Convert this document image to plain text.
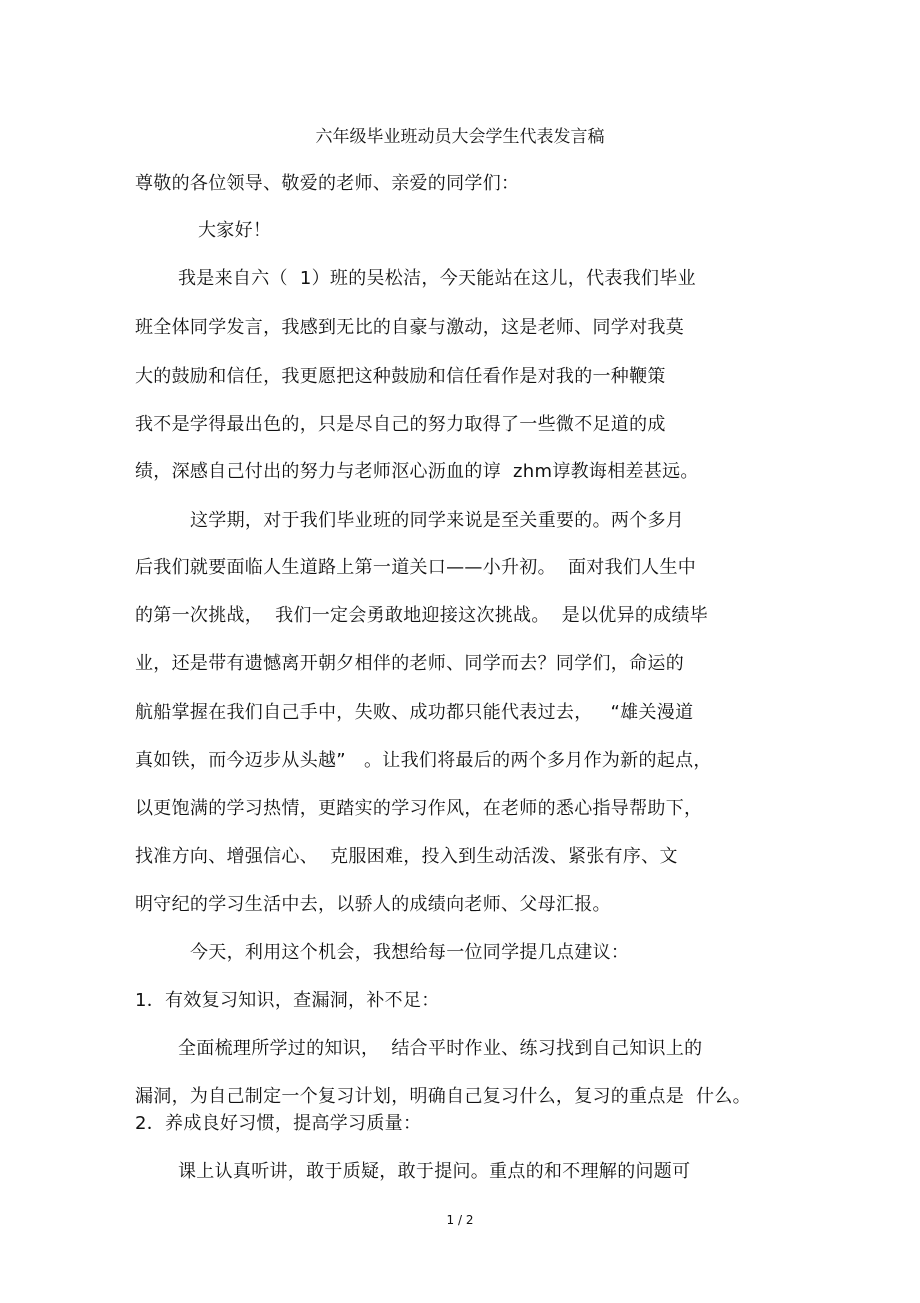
六年级毕业班动员大会学生代表发言稿
尊敬的各位领导、敬爱的老师、亲爱的同学们：
大家好！
我是来自六（  1）班的吴松洁，今天能站在这儿，代表我们毕业
班全体同学发言，我感到无比的自豪与激动，这是老师、同学对我莫
大的鼓励和信任，我更愿把这种鼓励和信任看作是对我的一种鞭策
我不是学得最出色的，只是尽自己的努力取得了一些微不足道的成
绩，深感自己付出的努力与老师沤心沥血的谆  zhm谆教诲相差甚远。
这学期，对于我们毕业班的同学来说是至关重要的。两个多月
后我们就要面临人生道路上第一道关口——小升初。  面对我们人生中
的第一次挑战，  我们一定会勇敢地迎接这次挑战。  是以优异的成绩毕
业，还是带有遗憾离开朝夕相伴的老师、同学而去？同学们，命运的
航船掌握在我们自己手中，失败、成功都只能代表过去，   “雄关漫道
真如铁，而今迈步从头越”   。让我们将最后的两个多月作为新的起点，
以更饱满的学习热情，更踏实的学习作风，在老师的悉心指导帮助下，
找准方向、增强信心、  克服困难，投入到生动活泼、紧张有序、文
明守纪的学习生活中去，以骄人的成绩向老师、父母汇报。
今天，利用这个机会，我想给每一位同学提几点建议：
1．有效复习知识，查漏洞，补不足：
全面梳理所学过的知识，  结合平时作业、练习找到自己知识上的
漏洞，为自己制定一个复习计划，明确自己复习什么，复习的重点是  什么。
2．养成良好习惯，提高学习质量：
课上认真听讲，敢于质疑，敢于提问。重点的和不理解的问题可
1 / 2
